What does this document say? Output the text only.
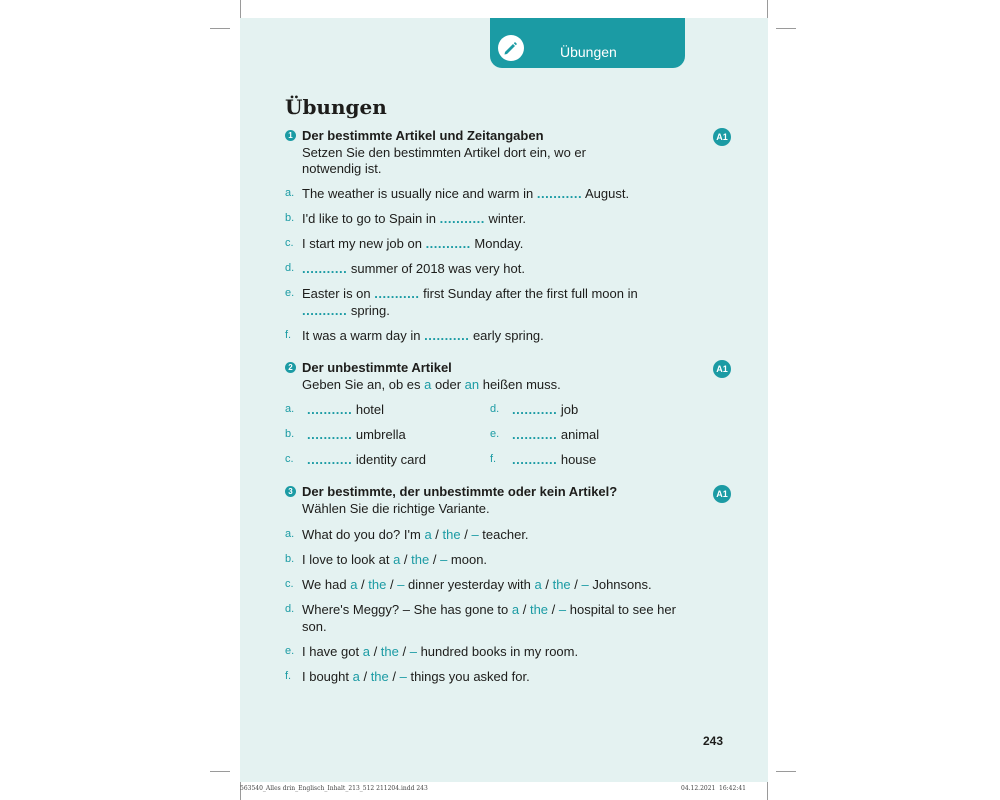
Übungen
Übungen
1 Der bestimmte Artikel und Zeitangaben
Setzen Sie den bestimmten Artikel dort ein, wo er notwendig ist.
A1
2 Der unbestimmte Artikel
Geben Sie an, ob es a oder an heißen muss.
A1
3 Der bestimmte, der unbestimmte oder kein Artikel?
Wählen Sie die richtige Variante.
A1
243
a. The weather is usually nice and warm in ........... August.
b. I'd like to go to Spain in ........... winter.
c. I start my new job on ........... Monday.
d. ........... summer of 2018 was very hot.
e. Easter is on ........... first Sunday after the first full moon in ........... spring.
f. It was a warm day in ........... early spring.
a. ........... hotel
b. ........... umbrella
c. ........... identity card
d. ........... job
e. ........... animal
f. ........... house
a. What do you do? I'm a / the / – teacher.
b. I love to look at a / the / – moon.
c. We had a / the / – dinner yesterday with a / the / – Johnsons.
d. Where's Meggy? – She has gone to a / the / – hospital to see her son.
e. I have got a / the / – hundred books in my room.
f. I bought a / the / – things you asked for.
563540_Alles drin_Englisch_Inhalt_213_512 211204.indd 243	04.12.2021 16:42:41
